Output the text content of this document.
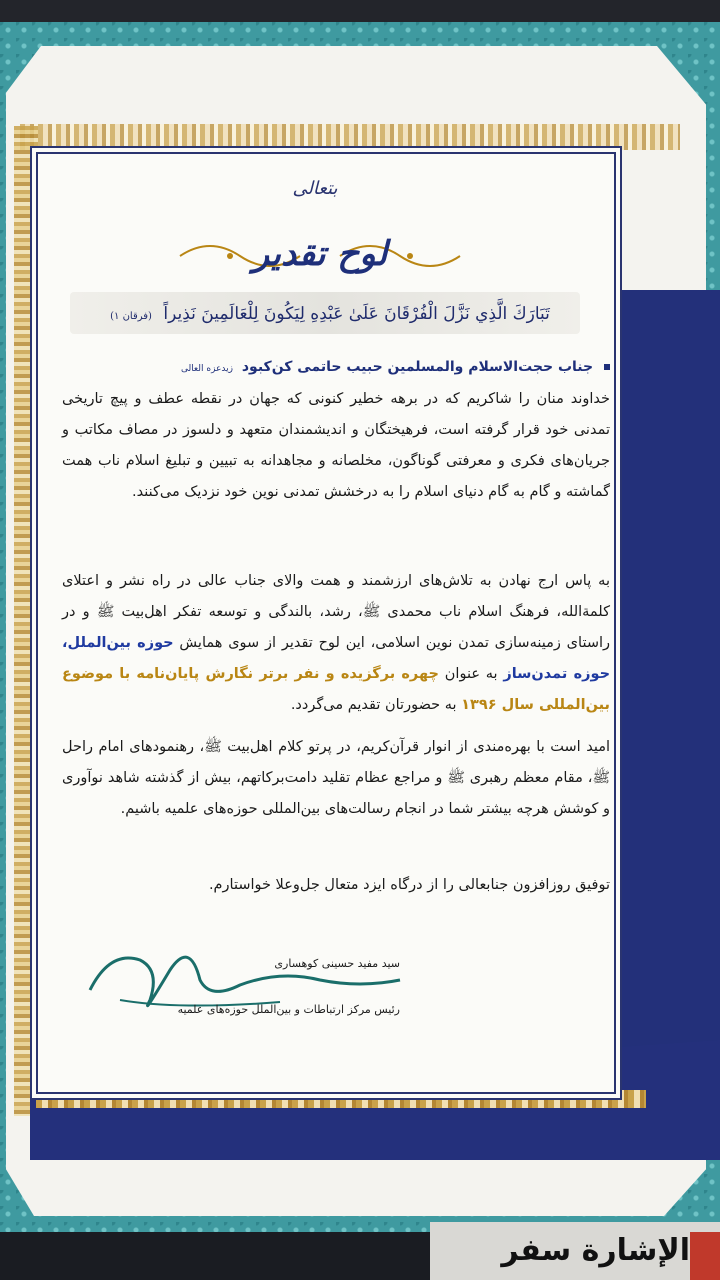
بتعالی
لوح تقدیر
تَبَارَكَ الَّذِي نَزَّلَ الْفُرْقَانَ عَلَىٰ عَبْدِهِ لِيَكُونَ لِلْعَالَمِينَ نَذِيراً (فرقان ۱)
جناب حجت‌الاسلام والمسلمین حبیب حاتمی کن‌کبود زیدعزه العالی
خداوند منان را شاکریم که در برهه خطیر کنونی که جهان در نقطه عطف و پیچ تاریخی تمدنی خود قرار گرفته است، فرهیختگان و اندیشمندان متعهد و دلسوز در مصاف مکاتب و جریان‌های فکری و معرفتی گوناگون، مخلصانه و مجاهدانه به تبیین و تبلیغ اسلام ناب همت گماشته و گام به گام دنیای اسلام را به درخشش تمدنی نوین خود نزدیک می‌کنند.
به پاس ارج نهادن به تلاش‌های ارزشمند و همت والای جناب عالی در راه نشر و اعتلای کلمة‌الله، فرهنگ اسلام ناب محمدی ﷺ، رشد، بالندگی و توسعه تفکر اهل‌بیت ﷺ و در راستای زمینه‌سازی تمدن نوین اسلامی، این لوح تقدیر از سوی همایش حوزه بین‌الملل، حوزه تمدن‌ساز به عنوان چهره برگزیده و نفر برتر نگارش پایان‌نامه با موضوع بین‌المللی سال ۱۳۹۶ به حضورتان تقدیم می‌گردد.
امید است با بهره‌مندی از انوار قرآن‌کریم، در پرتو کلام اهل‌بیت ﷺ، رهنمودهای امام راحل ﷺ، مقام معظم رهبری ﷺ و مراجع عظام تقلید دامت‌برکاتهم، بیش از گذشته شاهد نوآوری و کوشش هرچه بیشتر شما در انجام رسالت‌های بین‌المللی حوزه‌های علمیه باشیم.
توفیق روزافزون جنابعالی را از درگاه ایزد متعال جل‌وعلا خواستارم.
سید مفید حسینی کوهساری
رئیس مرکز ارتباطات و بین‌الملل حوزه‌های علمیه
الإشارة سفر
